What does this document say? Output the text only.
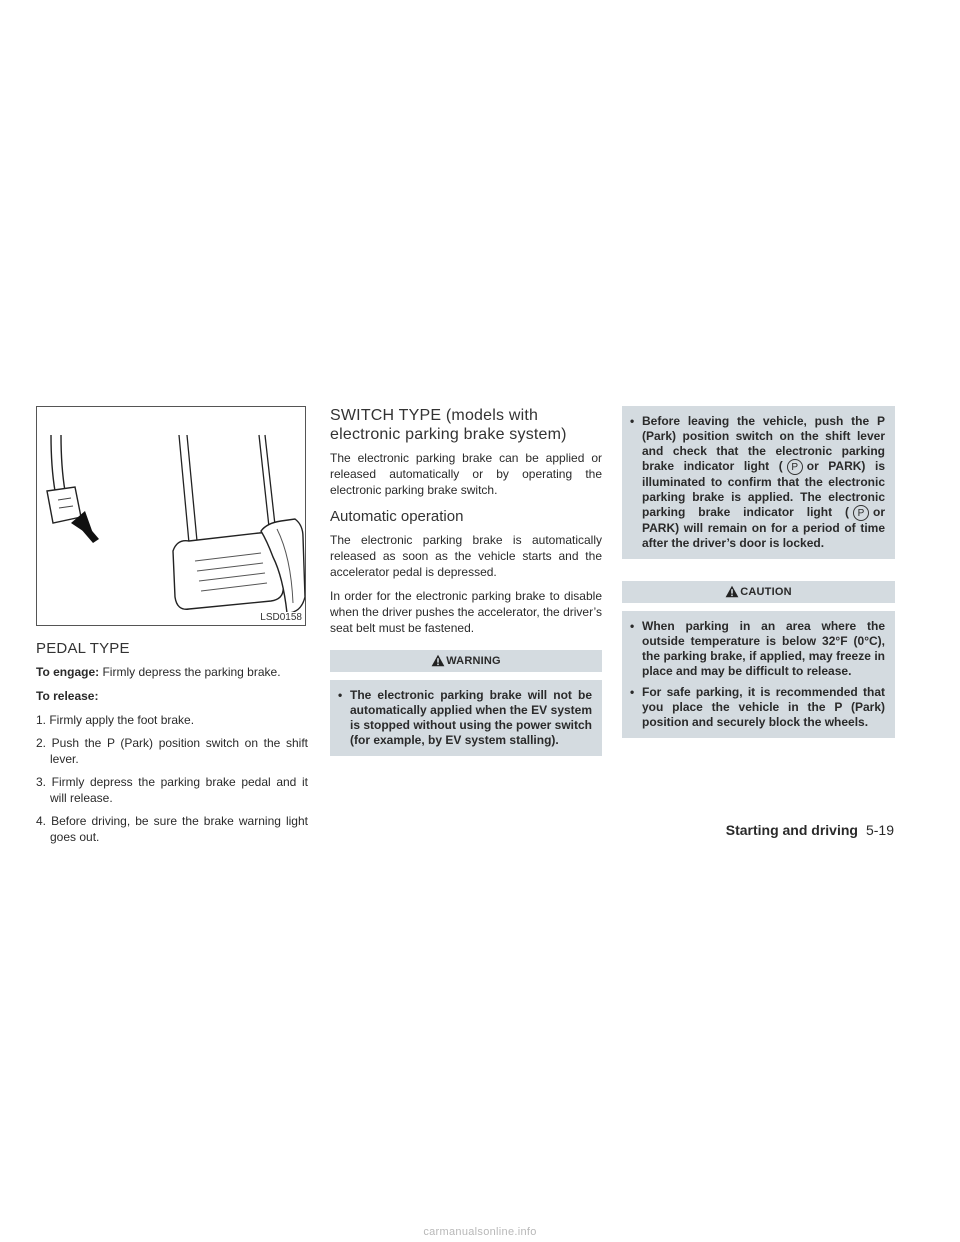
LSD0158
PEDAL TYPE

To engage: Firmly depress the parking brake.

To release:

1. Firmly apply the foot brake.
2. Push the P (Park) position switch on the shift lever.
3. Firmly depress the parking brake pedal and it will release.
4. Before driving, be sure the brake warning light goes out.
SWITCH TYPE (models with
electronic parking brake system)

The electronic parking brake can be applied or released automatically or by operating the electronic parking brake switch.

Automatic operation

The electronic parking brake is automatically released as soon as the vehicle starts and the accelerator pedal is depressed.

In order for the electronic parking brake to disable when the driver pushes the accelerator, the driver’s seat belt must be fastened.

WARNING
• The electronic parking brake will not be automatically applied when the EV system is stopped without using the power switch (for example, by EV system stalling).
• Before leaving the vehicle, push the P (Park) position switch on the shift lever and check that the electronic parking brake indicator light ( P or PARK) is illuminated to confirm that the electronic parking brake is applied. The electronic parking brake indicator light ( P or PARK) will remain on for a period of time after the driver’s door is locked.
CAUTION
• When parking in an area where the outside temperature is below 32°F (0°C), the parking brake, if applied, may freeze in place and may be difficult to release.
• For safe parking, it is recommended that you place the vehicle in the P (Park) position and securely block the wheels.
Starting and driving 5-19
carmanualsonline.info
